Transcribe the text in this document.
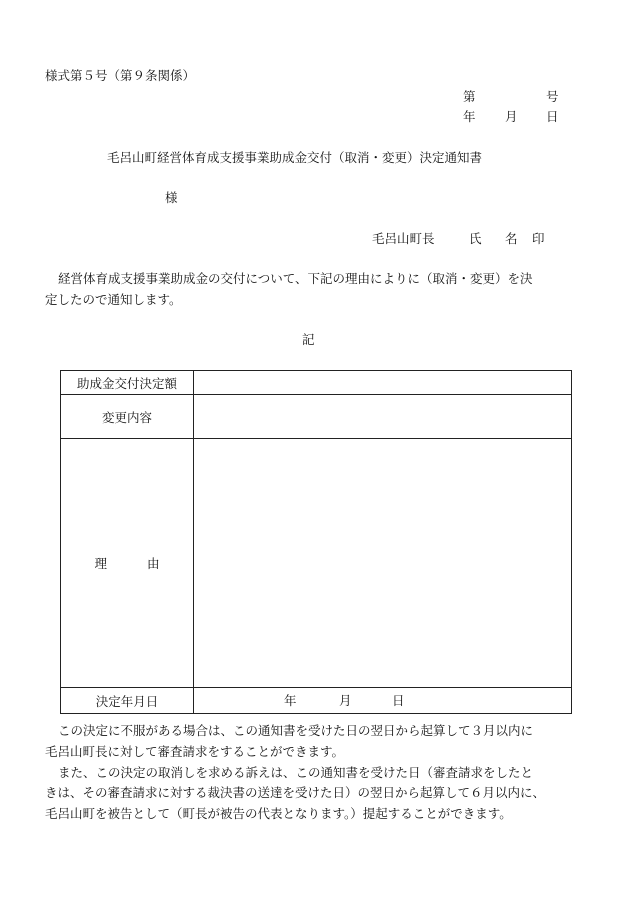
様式第５号（第９条関係）
第	号
年 月 日
毛呂山町経営体育成支援事業助成金交付（取消・変更）決定通知書
様
毛呂山町長	氏 名 印
経営体育成支援事業助成金の交付について、下記の理由によりに（取消・変更）を決
定したので通知します。
記
助成金交付決定額
変更内容
理	由
決定年月日	年	月	日
この決定に不服がある場合は、この通知書を受けた日の翌日から起算して３月以内に
毛呂山町長に対して審査請求をすることができます。
また、この決定の取消しを求める訴えは、この通知書を受けた日（審査請求をしたと
きは、その審査請求に対する裁決書の送達を受けた日）の翌日から起算して６月以内に、
毛呂山町を被告として（町長が被告の代表となります。）提起することができます。
